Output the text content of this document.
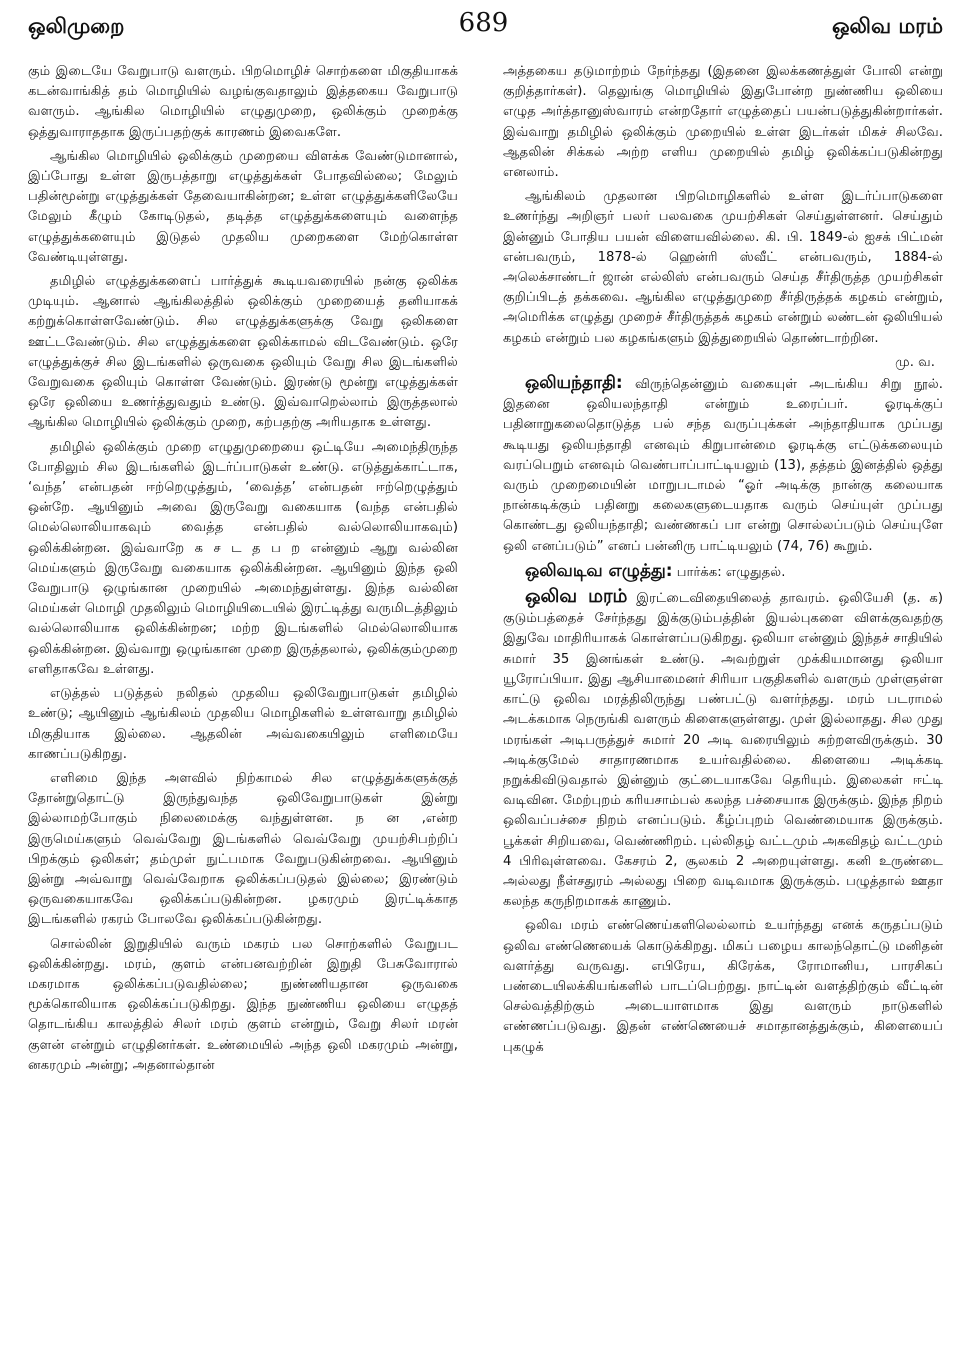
ஒலிமுறை	689	ஒலிவ மரம்

கும் இடையே வேறுபாடு வளரும். பிறமொழிச் சொற்களை மிகுதியாகக் கடன்வாங்கித் தம் மொழியில் வழங்குவதாலும் இத்தகைய வேறுபாடு வளரும். ஆங்கில மொழியில் எழுதுமுறை, ஒலிக்கும் முறைக்கு ஒத்துவாராததாக இருப்பதற்குக் காரணம் இவைகளே.

ஆங்கில மொழியில் ஒலிக்கும் முறையை விளக்க வேண்டுமானால், இப்போது உள்ள இருபத்தாறு எழுத்துக்கள் போதவில்லை; மேலும் பதின்மூன்று எழுத்துக்கள் தேவையாகின்றன; உள்ள எழுத்துக்களிலேயே மேலும் கீழும் கோடிடுதல், தடித்த எழுத்துக்களையும் வளைந்த எழுத்துக்களையும் இடுதல் முதலிய முறைகளை மேற்கொள்ள வேண்டியுள்ளது.

தமிழில் எழுத்துக்களைப் பார்த்துக் கூடியவரையில் நன்கு ஒலிக்க முடியும். ஆனால் ஆங்கிலத்தில் ஒலிக்கும் முறையைத் தனியாகக் கற்றுக்கொள்ளவேண்டும். சில எழுத்துக்களுக்கு வேறு ஒலிகளை ஊட்டவேண்டும். சில எழுத்துக்களை ஒலிக்காமல் விடவேண்டும். ஒரே எழுத்துக்குச் சில இடங்களில் ஒருவகை ஒலியும் வேறு சில இடங்களில் வேறுவகை ஒலியும் கொள்ள வேண்டும். இரண்டு மூன்று எழுத்துக்கள் ஒரே ஒலியை உணர்த்துவதும் உண்டு. இவ்வாறெல்லாம் இருத்தலால் ஆங்கில மொழியில் ஒலிக்கும் முறை, கற்பதற்கு அரியதாக உள்ளது.

தமிழில் ஒலிக்கும் முறை எழுதுமுறையை ஒட்டியே அமைந்திருந்த போதிலும் சில இடங்களில் இடர்ப்பாடுகள் உண்டு. எடுத்துக்காட்டாக, ‘வந்த’ என்பதன் ஈற்றெழுத்தும், ‘வைத்த’ என்பதன் ஈற்றெழுத்தும் ஒன்றே. ஆயினும் அவை இருவேறு வகையாக (வந்த என்பதில் மெல்லொலியாகவும் வைத்த என்பதில் வல்லொலியாகவும்) ஒலிக்கின்றன. இவ்வாறே க ச ட த ப ற என்னும் ஆறு வல்லின மெய்களும் இருவேறு வகையாக ஒலிக்கின்றன. ஆயினும் இந்த ஒலி வேறுபாடு ஒழுங்கான முறையில் அமைந்துள்ளது. இந்த வல்லின மெய்கள் மொழி முதலிலும் மொழியிடையில் இரட்டித்து வருமிடத்திலும் வல்லொலியாக ஒலிக்கின்றன; மற்ற இடங்களில் மெல்லொலியாக ஒலிக்கின்றன. இவ்வாறு ஒழுங்கான முறை இருத்தலால், ஒலிக்கும்முறை எளிதாகவே உள்ளது.

எடுத்தல் படுத்தல் நலிதல் முதலிய ஒலிவேறுபாடுகள் தமிழில் உண்டு; ஆயினும் ஆங்கிலம் முதலிய மொழிகளில் உள்ளவாறு தமிழில் மிகுதியாக இல்லை. ஆதலின் அவ்வகையிலும் எளிமையே காணப்படுகிறது.

எளிமை இந்த அளவில் நிற்காமல் சில எழுத்துக்களுக்குத் தோன்றுதொட்டு இருந்துவந்த ஒலிவேறுபாடுகள் இன்று இல்லாமற்போகும் நிலைமைக்கு வந்துள்ளன. ந ன ,என்ற இருமெய்களும் வெவ்வேறு இடங்களில் வெவ்வேறு முயற்சிபற்றிப் பிறக்கும் ஒலிகள்; தம்முள் நுட்பமாக வேறுபடுகின்றவை. ஆயினும் இன்று அவ்வாறு வெவ்வேறாக ஒலிக்கப்படுதல் இல்லை; இரண்டும் ஒருவகையாகவே ஒலிக்கப்படுகின்றன. ழகரமும் இரட்டிக்காத இடங்களில் ரகரம் போலவே ஒலிக்கப்படுகின்றது.

சொல்லின் இறுதியில் வரும் மகரம் பல சொற்களில் வேறுபட ஒலிக்கின்றது. மரம், குளம் என்பனவற்றின் இறுதி பேசுவோரால் மகரமாக ஒலிக்கப்படுவதில்லை; நுண்ணியதான ஒருவகை மூக்கொலியாக ஒலிக்கப்படுகிறது. இந்த நுண்ணிய ஒலியை எழுதத் தொடங்கிய காலத்தில் சிலர் மரம் குளம் என்றும், வேறு சிலர் மரன் குளன் என்றும் எழுதினர்கள். உண்மையில் அந்த ஒலி மகரமும் அன்று, னகரமும் அன்று; அதனால்தான்

அத்தகைய தடுமாற்றம் நேர்ந்தது (இதனை இலக்கணத்துள் போலி என்று குறித்தார்கள்). தெலுங்கு மொழியில் இதுபோன்ற நுண்ணிய ஒலியை எழுத அர்த்தானுஸ்வாரம் என்றதோர் எழுத்தைப் பயன்படுத்துகின்றார்கள். இவ்வாறு தமிழில் ஒலிக்கும் முறையில் உள்ள இடர்கள் மிகச் சிலவே. ஆதலின் சிக்கல் அற்ற எளிய முறையில் தமிழ் ஒலிக்கப்படுகின்றது எனலாம்.

ஆங்கிலம் முதலான பிறமொழிகளில் உள்ள இடர்ப்பாடுகளை உணர்ந்து அறிஞர் பலர் பலவகை முயற்சிகள் செய்துள்ளனர். செய்தும் இன்னும் போதிய பயன் விளையவில்லை. கி. பி. 1849-ல் ஐசக் பிட்மன் என்பவரும், 1878-ல் ஹென்ரி ஸ்வீட் என்பவரும், 1884-ல் அலெக்சாண்டர் ஜான் எல்லிஸ் என்பவரும் செய்த சீர்திருத்த முயற்சிகள் குறிப்பிடத் தக்கவை. ஆங்கில எழுத்துமுறை சீர்திருத்தக் கழகம் என்றும், அமெரிக்க எழுத்து முறைச் சீர்திருத்தக் கழகம் என்றும் லண்டன் ஒலியியல் கழகம் என்றும் பல கழகங்களும் இத்துறையில் தொண்டாற்றின.

மு. வ.

ஒலியந்தாதி: விருந்தென்னும் வகையுள் அடங்கிய சிறு நூல். இதனை ஒலியலந்தாதி என்றும் உரைப்பர். ஓரடிக்குப் பதினாறுகலைதொடுத்த பல் சந்த வருப்புக்கள் அந்தாதியாக முப்பது கூடியது ஒலியந்தாதி எனவும் கிறுபான்மை ஓரடிக்கு எட்டுக்கலையும் வரப்பெறும் எனவும் வெண்பாப்பாட்டியலும் (13), தத்தம் இனத்தில் ஒத்து வரும் முறைமையின் மாறுபடாமல் “ஓர் அடிக்கு நான்கு கலையாக நான்கடிக்கும் பதினறு கலைகளுடையதாக வரும் செய்யுள் முப்பது கொண்டது ஒலியந்தாதி; வண்ணகப் பா என்று சொல்லப்படும் செய்யுளே ஒலி எனப்படும்” எனப் பன்னிரு பாட்டியலும் (74, 76) கூறும்.

ஒலிவடிவ எழுத்து: பார்க்க: எழுதுதல்.

ஒலிவ மரம் இரட்டைவிதையிலைத் தாவரம். ஒலியேசி (த. க) குடும்பத்தைச் சேர்ந்தது இக்குடும்பத்தின் இயல்புகளை விளக்குவதற்கு இதுவே மாதிரியாகக் கொள்ளப்படுகிறது. ஒலியா என்னும் இந்தச் சாதியில் சுமார் 35 இனங்கள் உண்டு. அவற்றுள் முக்கியமானது ஒலியா யூரோப்பியா. இது ஆசியாமைனர் சிரியா பகுதிகளில் வளரும் முள்ளுள்ள காட்டு ஒலிவ மரத்திலிருந்து பண்பட்டு வளர்ந்தது. மரம் படராமல் அடக்கமாக நெருங்கி வளரும் கிளைகளுள்ளது. முள் இல்லாதது. சில முது மரங்கள் அடிபருத்துச் சுமார் 20 அடி வரையிலும் சுற்றளவிருக்கும். 30 அடிக்குமேல் சாதாரணமாக உயர்வதில்லை. கிளையை அடிக்கடி நறுக்கிவிடுவதால் இன்னும் குட்டையாகவே தெரியும். இலைகள் ஈட்டி வடிவின. மேற்புறம் கரியசாம்பல் கலந்த பச்சையாக இருக்கும். இந்த நிறம் ஒலிவப்பச்சை நிறம் எனப்படும். கீழ்ப்புறம் வெண்மையாக இருக்கும். பூக்கள் சிறியவை, வெண்ணிறம். புல்லிதழ் வட்டமும் அகவிதழ் வட்டமும் 4 பிரிவுள்ளவை. கேசரம் 2, சூலகம் 2 அறையுள்ளது. கனி உருண்டை அல்லது நீள்சதுரம் அல்லது பிறை வடிவமாக இருக்கும். பழுத்தால் ஊதா கலந்த கருநிறமாகக் காணும்.

ஒலிவ மரம் எண்ணெய்களிலெல்லாம் உயர்ந்தது எனக் கருதப்படும் ஒலிவ எண்ணெயைக் கொடுக்கிறது. மிகப் பழைய காலந்தொட்டு மனிதன் வளர்த்து வருவது. எபிரேய, கிரேக்க, ரோமானிய, பாரசிகப் பண்டையிலக்கியங்களில் பாடப்பெற்றது. நாட்டின் வளத்திற்கும் வீட்டின் செல்வத்திற்கும் அடையாளமாக இது வளரும் நாடுகளில் எண்ணப்படுவது. இதன் எண்ணெயைச் சமாதானத்துக்கும், கிளையைப் புகழுக்
